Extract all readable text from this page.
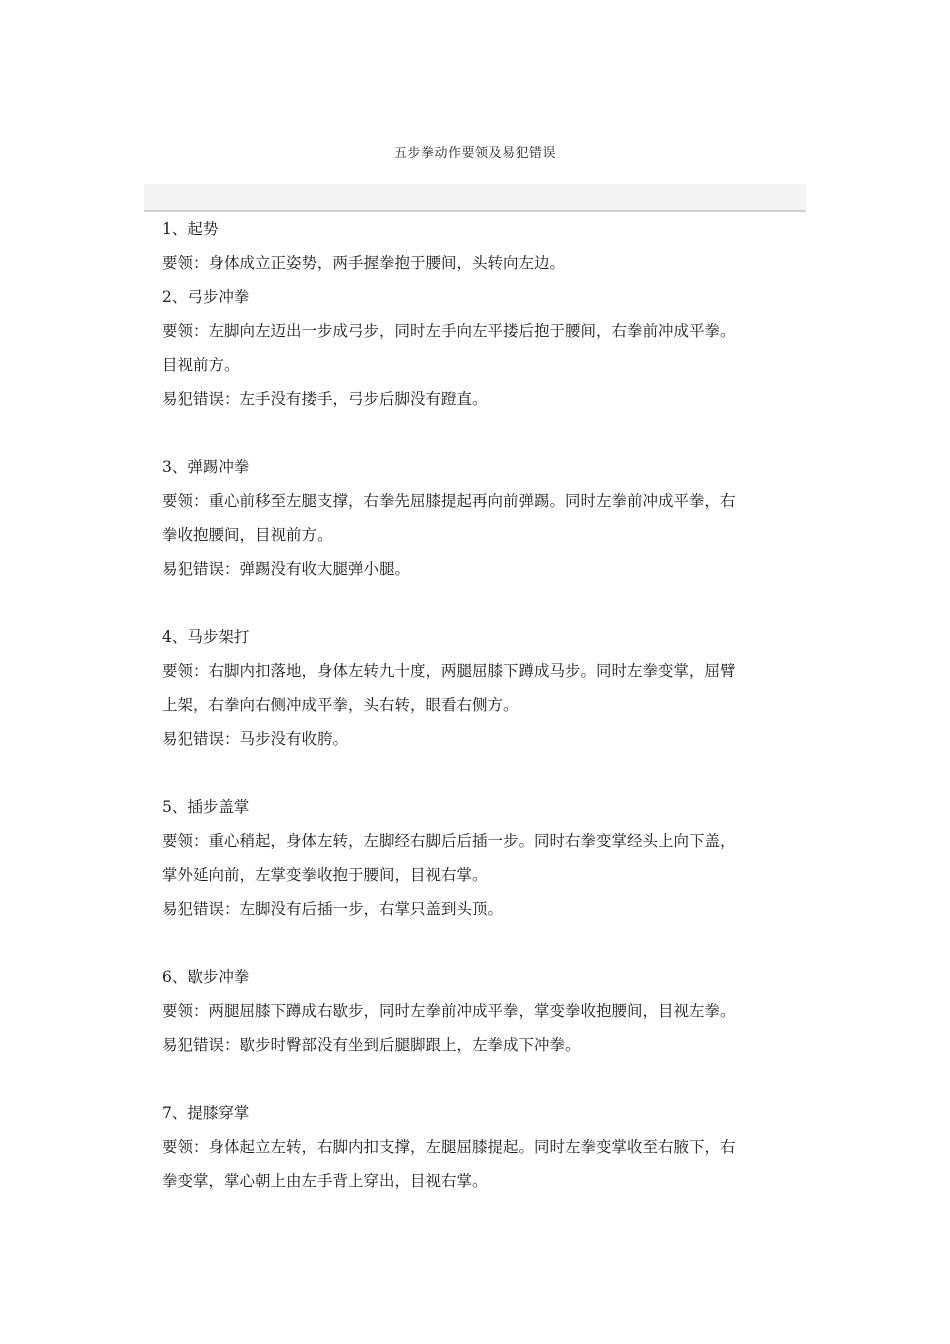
五步拳动作要领及易犯错误
1、起势
要领：身体成立正姿势，两手握拳抱于腰间，头转向左边。
2、弓步冲拳
要领：左脚向左迈出一步成弓步，同时左手向左平搂后抱于腰间，右拳前冲成平拳。
目视前方。
易犯错误：左手没有搂手，弓步后脚没有蹬直。
3、弹踢冲拳
要领：重心前移至左腿支撑，右拳先屈膝提起再向前弹踢。同时左拳前冲成平拳，右
拳收抱腰间，目视前方。
易犯错误：弹踢没有收大腿弹小腿。
4、马步架打
要领：右脚内扣落地，身体左转九十度，两腿屈膝下蹲成马步。同时左拳变掌，屈臂
上架，右拳向右侧冲成平拳，头右转，眼看右侧方。
易犯错误：马步没有收胯。
5、插步盖掌
要领：重心稍起，身体左转，左脚经右脚后后插一步。同时右拳变掌经头上向下盖，
掌外延向前，左掌变拳收抱于腰间，目视右掌。
易犯错误：左脚没有后插一步，右掌只盖到头顶。
6、歇步冲拳
要领：两腿屈膝下蹲成右歇步，同时左拳前冲成平拳，掌变拳收抱腰间，目视左拳。
易犯错误：歇步时臀部没有坐到后腿脚跟上，左拳成下冲拳。
7、提膝穿掌
要领：身体起立左转，右脚内扣支撑，左腿屈膝提起。同时左拳变掌收至右腋下，右
拳变掌，掌心朝上由左手背上穿出，目视右掌。
